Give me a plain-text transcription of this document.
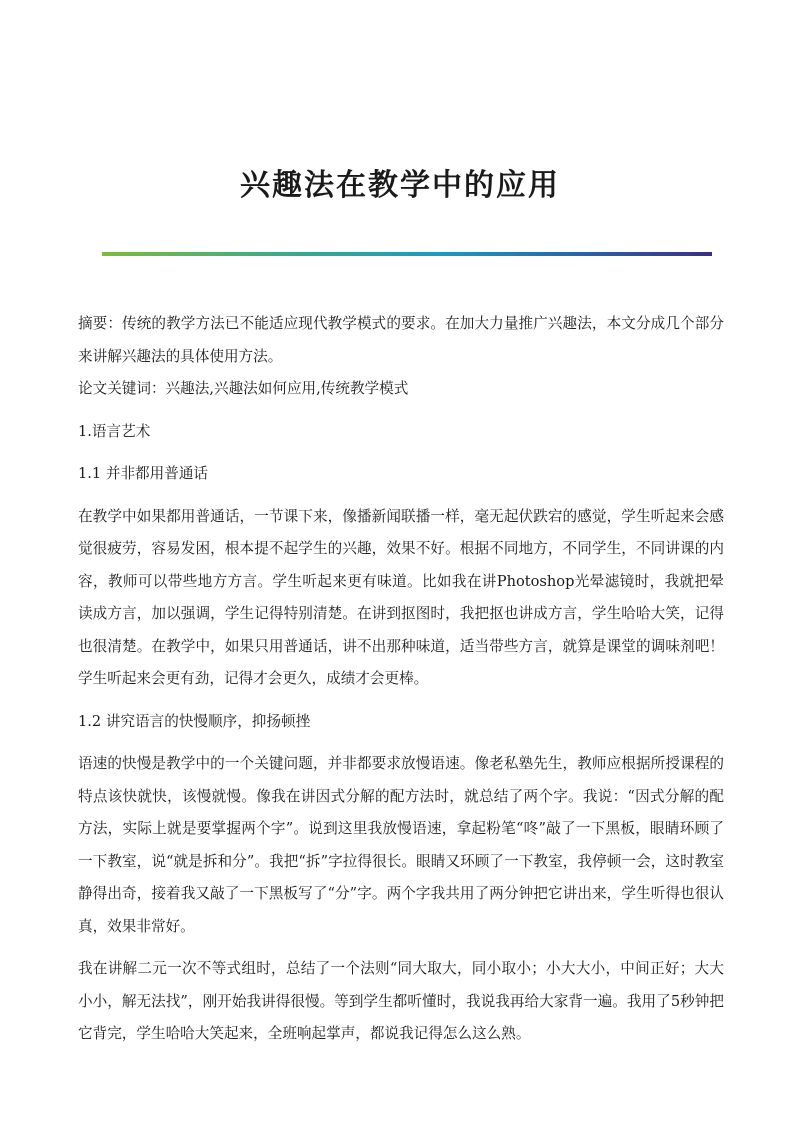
兴趣法在教学中的应用

摘要：传统的教学方法已不能适应现代教学模式的要求。在加大力量推广兴趣法，本文分成几个部分来讲解兴趣法的具体使用方法。

论文关键词：兴趣法,兴趣法如何应用,传统教学模式

1.语言艺术

1.1 并非都用普通话

在教学中如果都用普通话，一节课下来，像播新闻联播一样，毫无起伏跌宕的感觉，学生听起来会感觉很疲劳，容易发困，根本提不起学生的兴趣，效果不好。根据不同地方，不同学生，不同讲课的内容，教师可以带些地方方言。学生听起来更有味道。比如我在讲Photoshop光晕滤镜时，我就把晕读成方言，加以强调，学生记得特别清楚。在讲到抠图时，我把抠也讲成方言，学生哈哈大笑，记得也很清楚。在教学中，如果只用普通话，讲不出那种味道，适当带些方言，就算是课堂的调味剂吧！学生听起来会更有劲，记得才会更久，成绩才会更棒。

1.2 讲究语言的快慢顺序，抑扬顿挫

语速的快慢是教学中的一个关键问题，并非都要求放慢语速。像老私塾先生，教师应根据所授课程的特点该快就快，该慢就慢。像我在讲因式分解的配方法时，就总结了两个字。我说：“因式分解的配方法，实际上就是要掌握两个字”。说到这里我放慢语速，拿起粉笔“咚”敲了一下黑板，眼睛环顾了一下教室，说“就是拆和分”。我把“拆”字拉得很长。眼睛又环顾了一下教室，我停顿一会，这时教室静得出奇，接着我又敲了一下黑板写了“分”字。两个字我共用了两分钟把它讲出来，学生听得也很认真，效果非常好。

我在讲解二元一次不等式组时，总结了一个法则“同大取大，同小取小；小大大小，中间正好；大大小小，解无法找”，刚开始我讲得很慢。等到学生都听懂时，我说我再给大家背一遍。我用了5秒钟把它背完，学生哈哈大笑起来，全班响起掌声，都说我记得怎么这么熟。
